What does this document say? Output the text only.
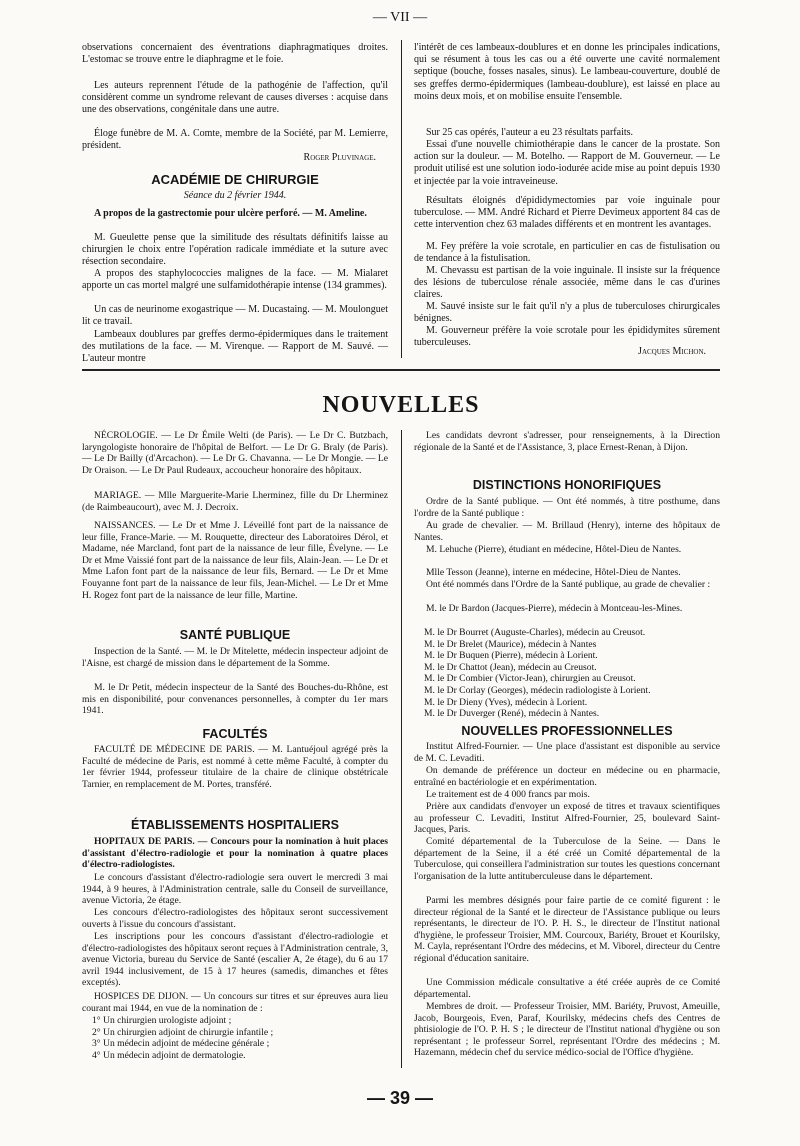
— VII —

observations concernaient des éventrations diaphragmatiques droites. L'estomac se trouve entre le diaphragme et le foie.

Les auteurs reprennent l'étude de la pathogénie de l'affection, qu'il considèrent comme un syndrome relevant de causes diverses : acquise dans une des observations, congénitale dans une autre.

Éloge funèbre de M. A. Comte, membre de la Société, par M. Lemierre, président.

Roger Pluvinage.

ACADÉMIE DE CHIRURGIE
Séance du 2 février 1944.

A propos de la gastrectomie pour ulcère perforé. — M. Ameline.

M. Gueulette pense que la similitude des résultats définitifs laisse au chirurgien le choix entre l'opération radicale immédiate et la suture avec résection secondaire.

A propos des staphylococcies malignes de la face. — M. Mialaret apporte un cas mortel malgré une sulfamidothérapie intense (134 grammes).

Un cas de neurinome exogastrique — M. Ducastaing. — M. Moulonguet lit ce travail.

Lambeaux doublures par greffes dermo-épidermiques dans le traitement des mutilations de la face. — M. Virenque. — Rapport de M. Sauvé. — L'auteur montre

l'intérêt de ces lambeaux-doublures et en donne les principales indications, qui se résument à tous les cas ou a été ouverte une cavité normalement septique (bouche, fosses nasales, sinus). Le lambeau-couverture, doublé de ses greffes dermo-épidermiques (lambeau-doublure), est laissé en place au moins deux mois, et on mobilise ensuite l'ensemble.

Sur 25 cas opérés, l'auteur a eu 23 résultats parfaits.

Essai d'une nouvelle chimiothérapie dans le cancer de la prostate. Son action sur la douleur. — M. Botelho. — Rapport de M. Gouverneur. — Le produit utilisé est une solution iodo-iodurée acide mise au point depuis 1930 et injectée par la voie intraveineuse.

Résultats éloignés d'épididymectomies par voie inguinale pour tuberculose. — MM. André Richard et Pierre Devimeux apportent 84 cas de cette intervention chez 63 malades différents et en montrent les avantages.

M. Fey préfère la voie scrotale, en particulier en cas de fistulisation ou de tendance à la fistulisation.

M. Chevassu est partisan de la voie inguinale. Il insiste sur la fréquence des lésions de tuberculose rénale associée, même dans le cas d'urines claires.

M. Sauvé insiste sur le fait qu'il n'y a plus de tuberculoses chirurgicales bénignes.

M. Gouverneur préfère la voie scrotale pour les épididymites sûrement tuberculeuses.

Jacques Michon.

NOUVELLES

NÉCROLOGIE. — Le Dr Émile Welti (de Paris). — Le Dr C. Butzbach, laryngologiste honoraire de l'hôpital de Belfort. — Le Dr G. Braly (de Paris). — Le Dr Bailly (d'Arcachon). — Le Dr G. Chavanna. — Le Dr Mongie. — Le Dr Oraison. — Le Dr Paul Rudeaux, accoucheur honoraire des hôpitaux.

MARIAGE. — Mlle Marguerite-Marie Lherminez, fille du Dr Lherminez (de Raimbeaucourt), avec M. J. Decroix.

NAISSANCES. — Le Dr et Mme J. Léveillé font part de la naissance de leur fille, France-Marie. — M. Rouquette, directeur des Laboratoires Dérol, et Madame, née Marcland, font part de la naissance de leur fille, Évelyne. — Le Dr et Mme Vaissié font part de la naissance de leur fils, Alain-Jean. — Le Dr et Mme Lafon font part de la naissance de leur fils, Bernard. — Le Dr et Mme Fouyanne font part de la naissance de leur fils, Jean-Michel. — Le Dr et Mme H. Rogez font part de la naissance de leur fille, Martine.

SANTÉ PUBLIQUE

Inspection de la Santé. — M. le Dr Mitelette, médecin inspecteur adjoint de l'Aisne, est chargé de mission dans le département de la Somme.

M. le Dr Petit, médecin inspecteur de la Santé des Bouches-du-Rhône, est mis en disponibilité, pour convenances personnelles, à compter du 1er mars 1941.

FACULTÉS

FACULTÉ DE MÉDECINE DE PARIS. — M. Lantuéjoul agrégé près la Faculté de médecine de Paris, est nommé à cette même Faculté, à compter du 1er février 1944, professeur titulaire de la chaire de clinique obstétricale Tarnier, en remplacement de M. Portes, transféré.

ÉTABLISSEMENTS HOSPITALIERS

HOPITAUX DE PARIS. — Concours pour la nomination à huit places d'assistant d'électro-radiologie et pour la nomination à quatre places d'électro-radiologistes.

Le concours d'assistant d'électro-radiologie sera ouvert le mercredi 3 mai 1944, à 9 heures, à l'Administration centrale, salle du Conseil de surveillance, avenue Victoria, 2e étage.

Les concours d'électro-radiologistes des hôpitaux seront successivement ouverts à l'issue du concours d'assistant.

Les inscriptions pour les concours d'assistant d'électro-radiologie et d'électro-radiologistes des hôpitaux seront reçues à l'Administration centrale, 3, avenue Victoria, bureau du Service de Santé (escalier A, 2e étage), du 6 au 17 avril 1944 inclusivement, de 15 à 17 heures (samedis, dimanches et fêtes exceptés).

HOSPICES DE DIJON. — Un concours sur titres et sur épreuves aura lieu courant mai 1944, en vue de la nomination de :

1° Un chirurgien urologiste adjoint ;
2° Un chirurgien adjoint de chirurgie infantile ;
3° Un médecin adjoint de médecine générale ;
4° Un médecin adjoint de dermatologie.

Les candidats devront s'adresser, pour renseignements, à la Direction régionale de la Santé et de l'Assistance, 3, place Ernest-Renan, à Dijon.

DISTINCTIONS HONORIFIQUES

Ordre de la Santé publique. — Ont été nommés, à titre posthume, dans l'ordre de la Santé publique :

Au grade de chevalier. — M. Brillaud (Henry), interne des hôpitaux de Nantes.

M. Lehuche (Pierre), étudiant en médecine, Hôtel-Dieu de Nantes.

Mlle Tesson (Jeanne), interne en médecine, Hôtel-Dieu de Nantes.

Ont été nommés dans l'Ordre de la Santé publique, au grade de chevalier :

M. le Dr Bardon (Jacques-Pierre), médecin à Montceau-les-Mines.

M. le Dr Bourret (Auguste-Charles), médecin au Creusot.
M. le Dr Brelet (Maurice), médecin à Nantes
M. le Dr Buquen (Pierre), médecin à Lorient.
M. le Dr Chattot (Jean), médecin au Creusot.
M. le Dr Combier (Victor-Jean), chirurgien au Creusot.
M. le Dr Corlay (Georges), médecin radiologiste à Lorient.
M. le Dr Dieny (Yves), médecin à Lorient.
M. le Dr Duverger (René), médecin à Nantes.
NOUVELLES PROFESSIONNELLES

Institut Alfred-Fournier. — Une place d'assistant est disponible au service de M. C. Levaditi.

On demande de préférence un docteur en médecine ou en pharmacie, entraîné en bactériologie et en expérimentation.

Le traitement est de 4 000 francs par mois.

Prière aux candidats d'envoyer un exposé de titres et travaux scientifiques au professeur C. Levaditi, Institut Alfred-Fournier, 25, boulevard Saint-Jacques, Paris.

Comité départemental de la Tuberculose de la Seine. — Dans le département de la Seine, il a été créé un Comité départemental de la Tuberculose, qui conseillera l'administration sur toutes les questions concernant l'organisation de la lutte antituberculeuse dans le département.

Parmi les membres désignés pour faire partie de ce comité figurent : le directeur régional de la Santé et le directeur de l'Assistance publique ou leurs représentants, le directeur de l'O. P. H. S., le directeur de l'Institut national d'hygiène, le professeur Troisier, MM. Courcoux, Bariéty, Brouet et Kourilsky, M. Cayla, représentant l'Ordre des médecins, et M. Viborel, directeur du Centre régional d'éducation sanitaire.

Une Commission médicale consultative a été créée auprès de ce Comité départemental.

Membres de droit. — Professeur Troisier, MM. Bariéty, Pruvost, Ameuille, Jacob, Bourgeois, Even, Paraf, Kourilsky, médecins chefs des Centres de phtisiologie de l'O. P. H. S ; le directeur de l'Institut national d'hygiène ou son représentant ; le professeur Sorrel, représentant l'Ordre des médecins ; M. Hazemann, médecin chef du service médico-social de l'Office d'hygiène.

— 39 —
